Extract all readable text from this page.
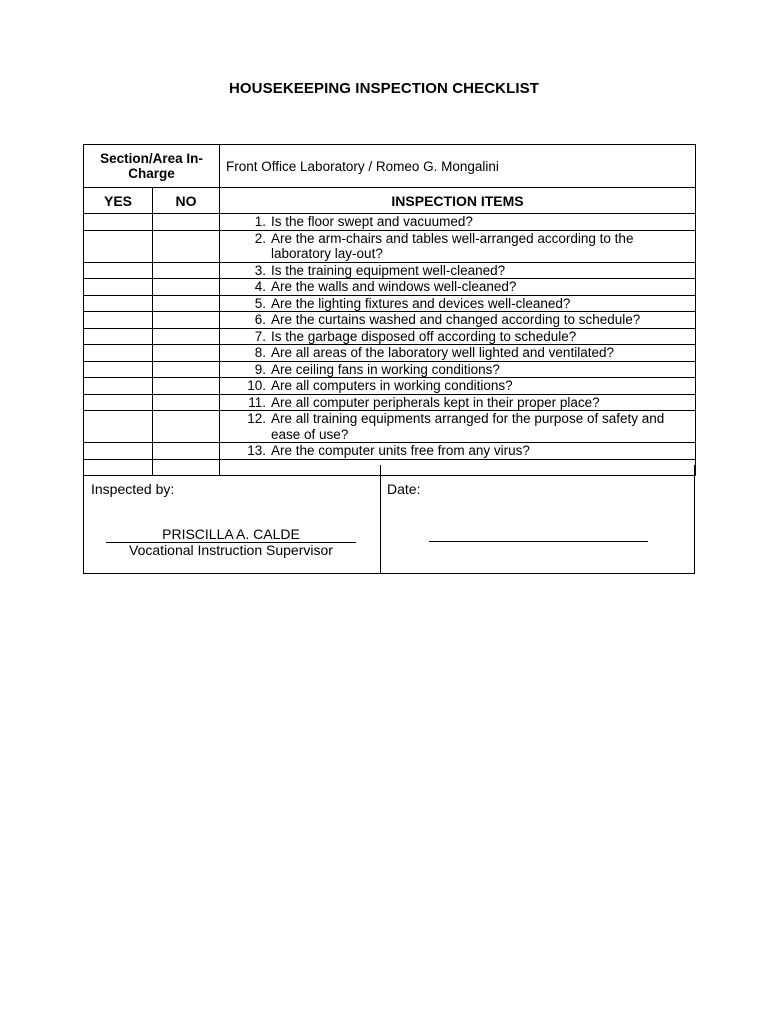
HOUSEKEEPING INSPECTION CHECKLIST
Section/Area In-Charge		Front Office Laboratory / Romeo G. Mongalini
YES	NO	INSPECTION ITEMS

		1. Is the floor swept and vacuumed?

		2. Are the arm-chairs and tables well-arranged according to the laboratory lay-out?

		3. Is the training equipment well-cleaned?

		4. Are the walls and windows well-cleaned?

		5. Are the lighting fixtures and devices well-cleaned?

		6. Are the curtains washed and changed according to schedule?

		7. Is the garbage disposed off according to schedule?

		8. Are all areas of the laboratory well lighted and ventilated?

		9. Are ceiling fans in working conditions?

		10. Are all computers in working conditions?

		11. Are all computer peripherals kept in their proper place?

		12. Are all training equipments arranged for the purpose of safety and ease of use?

		13. Are the computer units free from any virus?

Inspected by:
PRISCILLA A. CALDE
Vocational Instruction Supervisor
Date:
